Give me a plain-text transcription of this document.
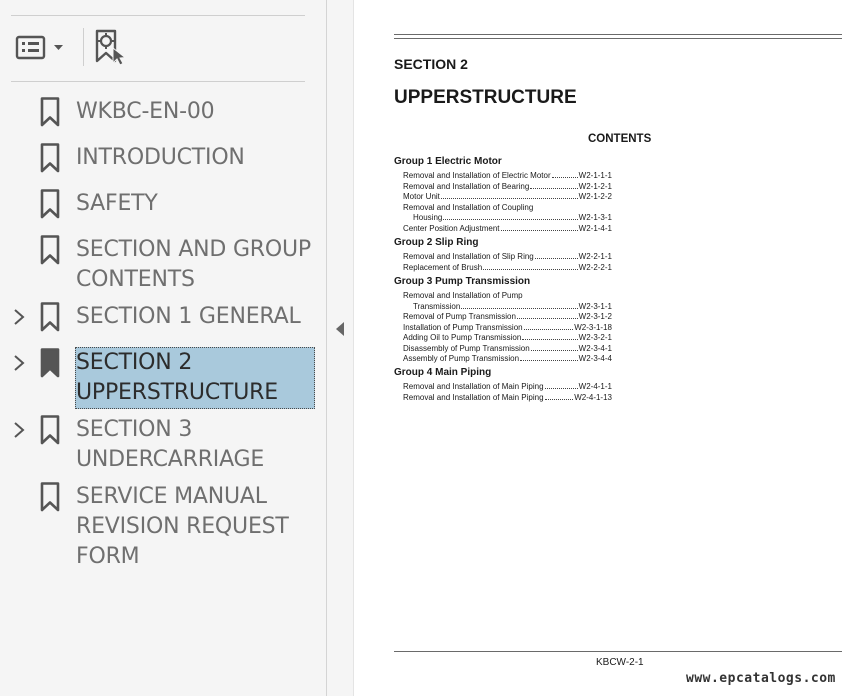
WKBC-EN-00
INTRODUCTION
SAFETY
SECTION AND GROUP CONTENTS
SECTION 1 GENERAL
SECTION 2 UPPERSTRUCTURE
SECTION 3 UNDERCARRIAGE
SERVICE MANUAL REVISION REQUEST FORM
SECTION 2
UPPERSTRUCTURE
CONTENTS
Group 1 Electric Motor
Removal and Installation of Electric Motor	W2-1-1-1
Removal and Installation of Bearing	W2-1-2-1
Motor Unit	W2-1-2-2
Removal and Installation of Coupling
Housing	W2-1-3-1
Center Position Adjustment	W2-1-4-1
Group 2 Slip Ring
Removal and Installation of Slip Ring	W2-2-1-1
Replacement of Brush	W2-2-2-1
Group 3 Pump Transmission
Removal and Installation of Pump
Transmission	W2-3-1-1
Removal of Pump Transmission	W2-3-1-2
Installation of Pump Transmission	W2-3-1-18
Adding Oil to Pump Transmission	W2-3-2-1
Disassembly of Pump Transmission	W2-3-4-1
Assembly of Pump Transmission	W2-3-4-4
Group 4 Main Piping
Removal and Installation of Main Piping	W2-4-1-1
Removal and Installation of Main Piping	W2-4-1-13
KBCW-2-1
www.epcatalogs.com
